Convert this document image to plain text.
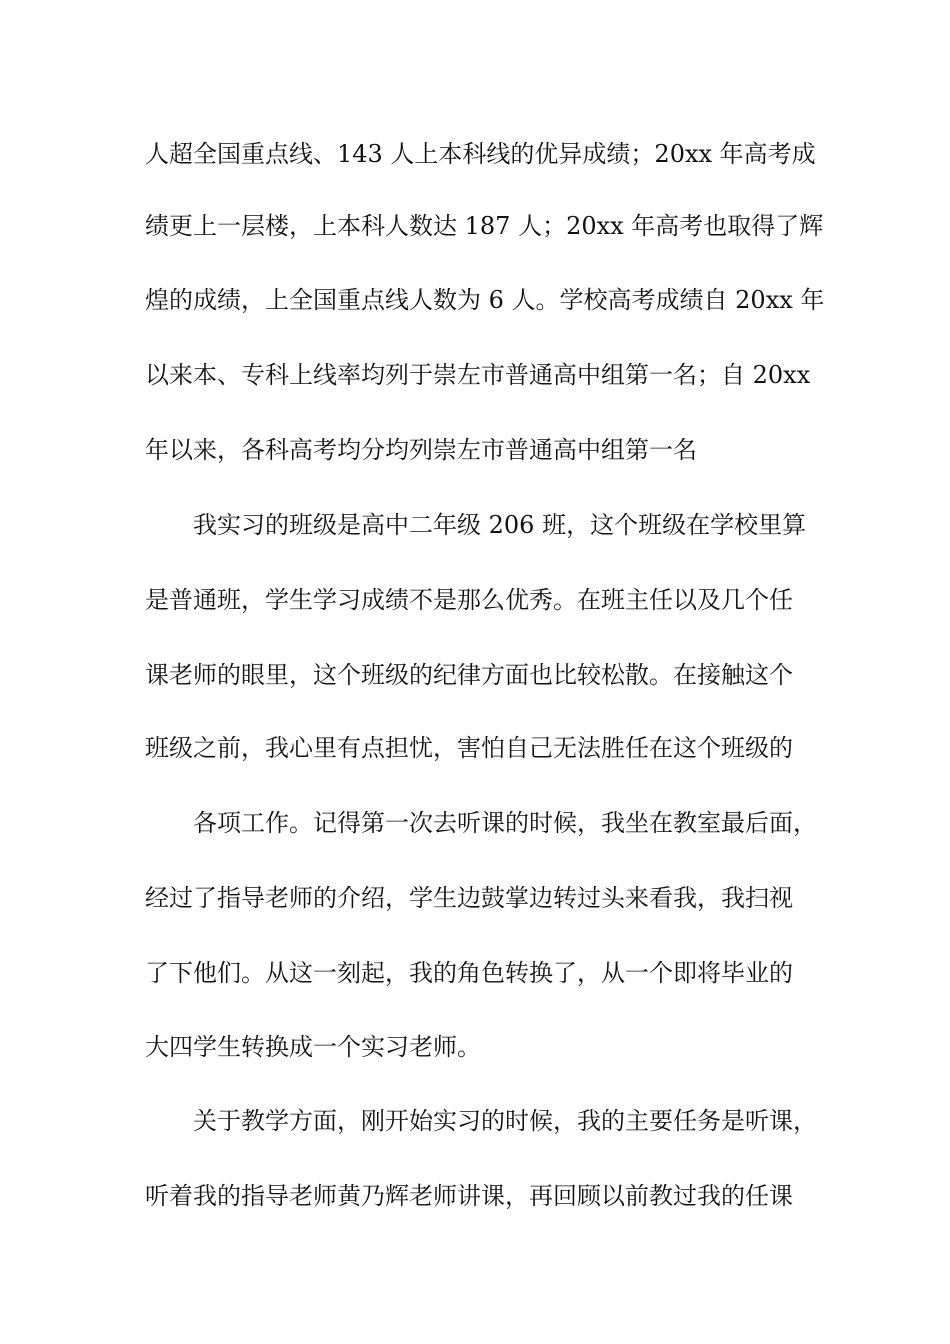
人超全国重点线、143 人上本科线的优异成绩；20xx 年高考成
绩更上一层楼，上本科人数达 187 人；20xx 年高考也取得了辉
煌的成绩，上全国重点线人数为 6 人。学校高考成绩自 20xx 年
以来本、专科上线率均列于崇左市普通高中组第一名；自 20xx
年以来，各科高考均分均列崇左市普通高中组第一名
我实习的班级是高中二年级 206 班，这个班级在学校里算
是普通班，学生学习成绩不是那么优秀。在班主任以及几个任
课老师的眼里，这个班级的纪律方面也比较松散。在接触这个
班级之前，我心里有点担忧，害怕自己无法胜任在这个班级的
各项工作。记得第一次去听课的时候，我坐在教室最后面，
经过了指导老师的介绍，学生边鼓掌边转过头来看我，我扫视
了下他们。从这一刻起，我的角色转换了，从一个即将毕业的
大四学生转换成一个实习老师。
关于教学方面，刚开始实习的时候，我的主要任务是听课，
听着我的指导老师黄乃辉老师讲课，再回顾以前教过我的任课
